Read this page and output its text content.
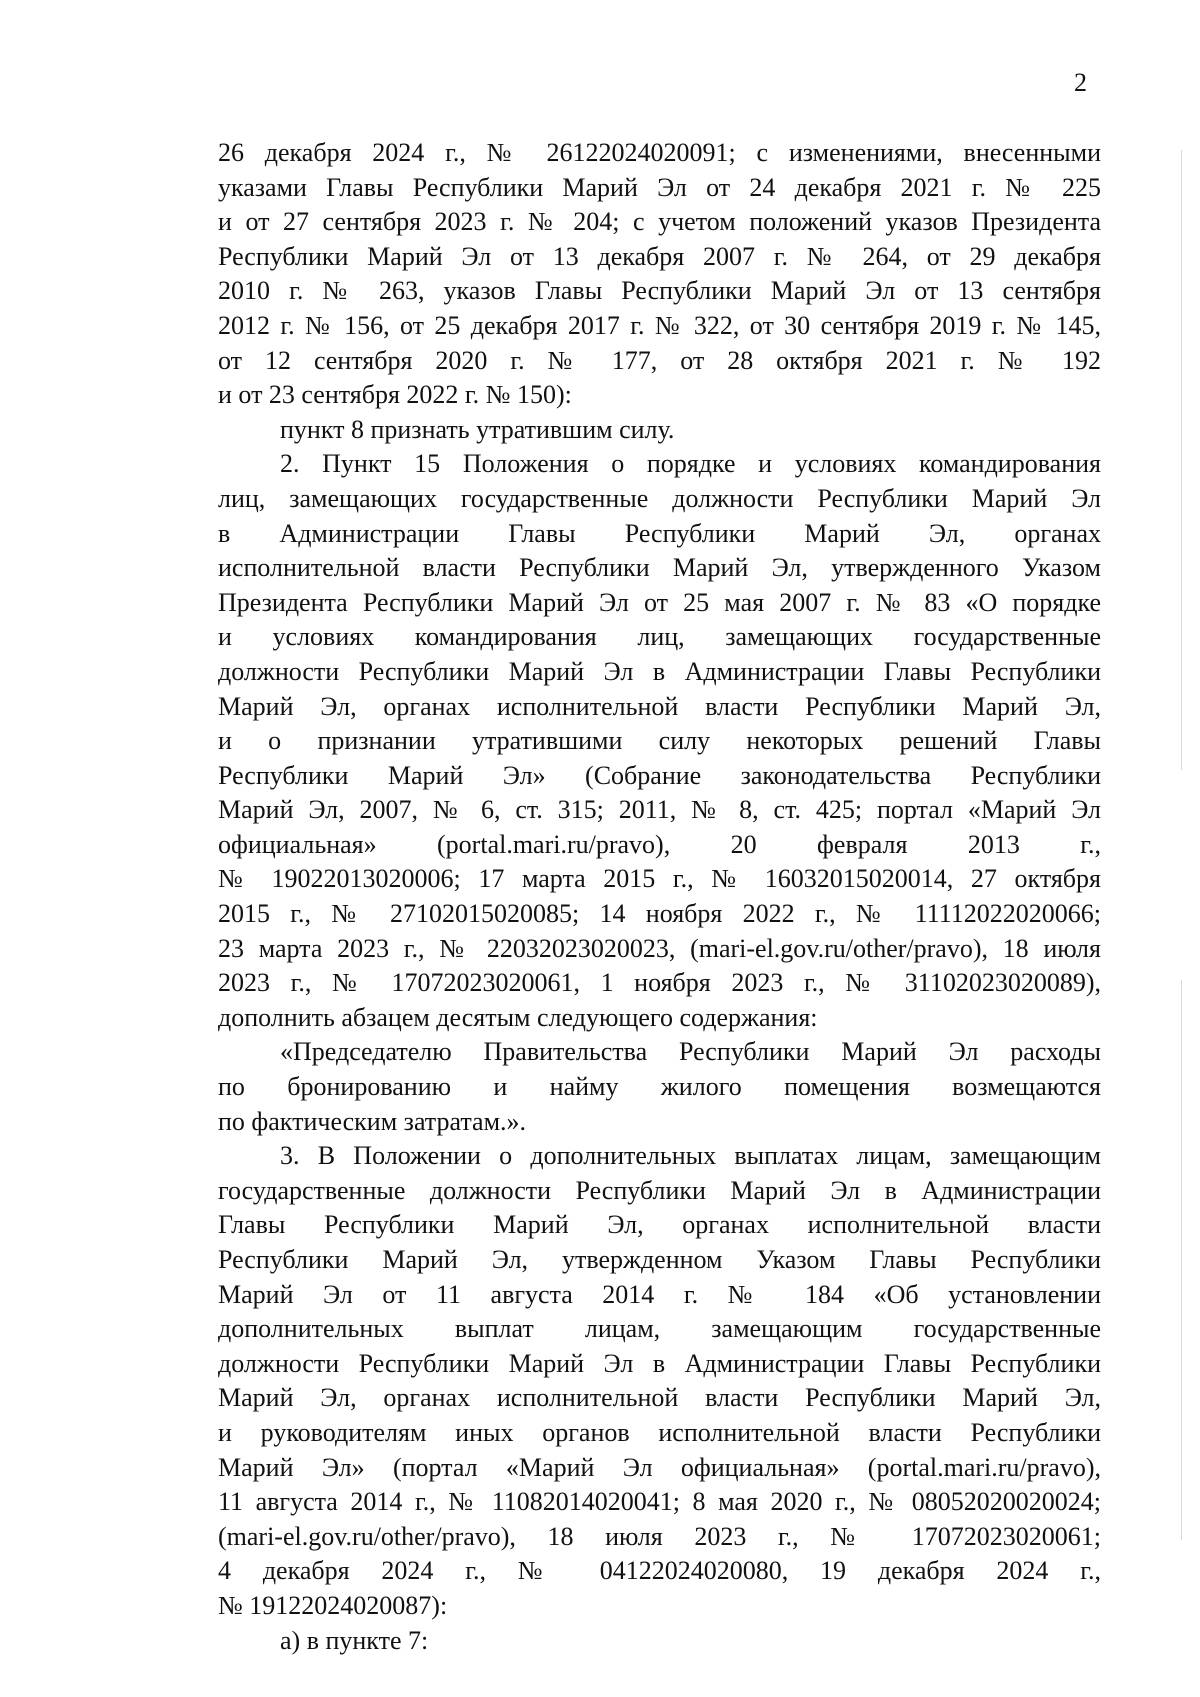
2
26 декабря 2024 г., № 26122024020091; с изменениями, внесенными
указами Главы Республики Марий Эл от 24 декабря 2021 г. № 225
и от 27 сентября 2023 г. № 204; с учетом положений указов Президента
Республики Марий Эл от 13 декабря 2007 г. № 264, от 29 декабря
2010 г. № 263, указов Главы Республики Марий Эл от 13 сентября
2012 г. № 156, от 25 декабря 2017 г. № 322, от 30 сентября 2019 г. № 145,
от 12 сентября 2020 г. № 177, от 28 октября 2021 г. № 192
и от 23 сентября 2022 г. № 150):
пункт 8 признать утратившим силу.
2. Пункт 15 Положения о порядке и условиях командирования
лиц, замещающих государственные должности Республики Марий Эл
в Администрации Главы Республики Марий Эл, органах
исполнительной власти Республики Марий Эл, утвержденного Указом
Президента Республики Марий Эл от 25 мая 2007 г. № 83 «О порядке
и условиях командирования лиц, замещающих государственные
должности Республики Марий Эл в Администрации Главы Республики
Марий Эл, органах исполнительной власти Республики Марий Эл,
и о признании утратившими силу некоторых решений Главы
Республики Марий Эл» (Собрание законодательства Республики
Марий Эл, 2007, № 6, ст. 315; 2011, № 8, ст. 425; портал «Марий Эл
официальная» (portal.mari.ru/pravo), 20 февраля 2013 г.,
№ 19022013020006; 17 марта 2015 г., № 16032015020014, 27 октября
2015 г., № 27102015020085; 14 ноября 2022 г., № 11112022020066;
23 марта 2023 г., № 22032023020023, (mari-el.gov.ru/other/pravo), 18 июля
2023 г., № 17072023020061, 1 ноября 2023 г., № 31102023020089),
дополнить абзацем десятым следующего содержания:
«Председателю Правительства Республики Марий Эл расходы
по бронированию и найму жилого помещения возмещаются
по фактическим затратам.».
3. В Положении о дополнительных выплатах лицам, замещающим
государственные должности Республики Марий Эл в Администрации
Главы Республики Марий Эл, органах исполнительной власти
Республики Марий Эл, утвержденном Указом Главы Республики
Марий Эл от 11 августа 2014 г. № 184 «Об установлении
дополнительных выплат лицам, замещающим государственные
должности Республики Марий Эл в Администрации Главы Республики
Марий Эл, органах исполнительной власти Республики Марий Эл,
и руководителям иных органов исполнительной власти Республики
Марий Эл» (портал «Марий Эл официальная» (portal.mari.ru/pravo),
11 августа 2014 г., № 11082014020041; 8 мая 2020 г., № 08052020020024;
(mari-el.gov.ru/other/pravo), 18 июля 2023 г., № 17072023020061;
4 декабря 2024 г., № 04122024020080, 19 декабря 2024 г.,
№ 19122024020087):
а) в пункте 7:
